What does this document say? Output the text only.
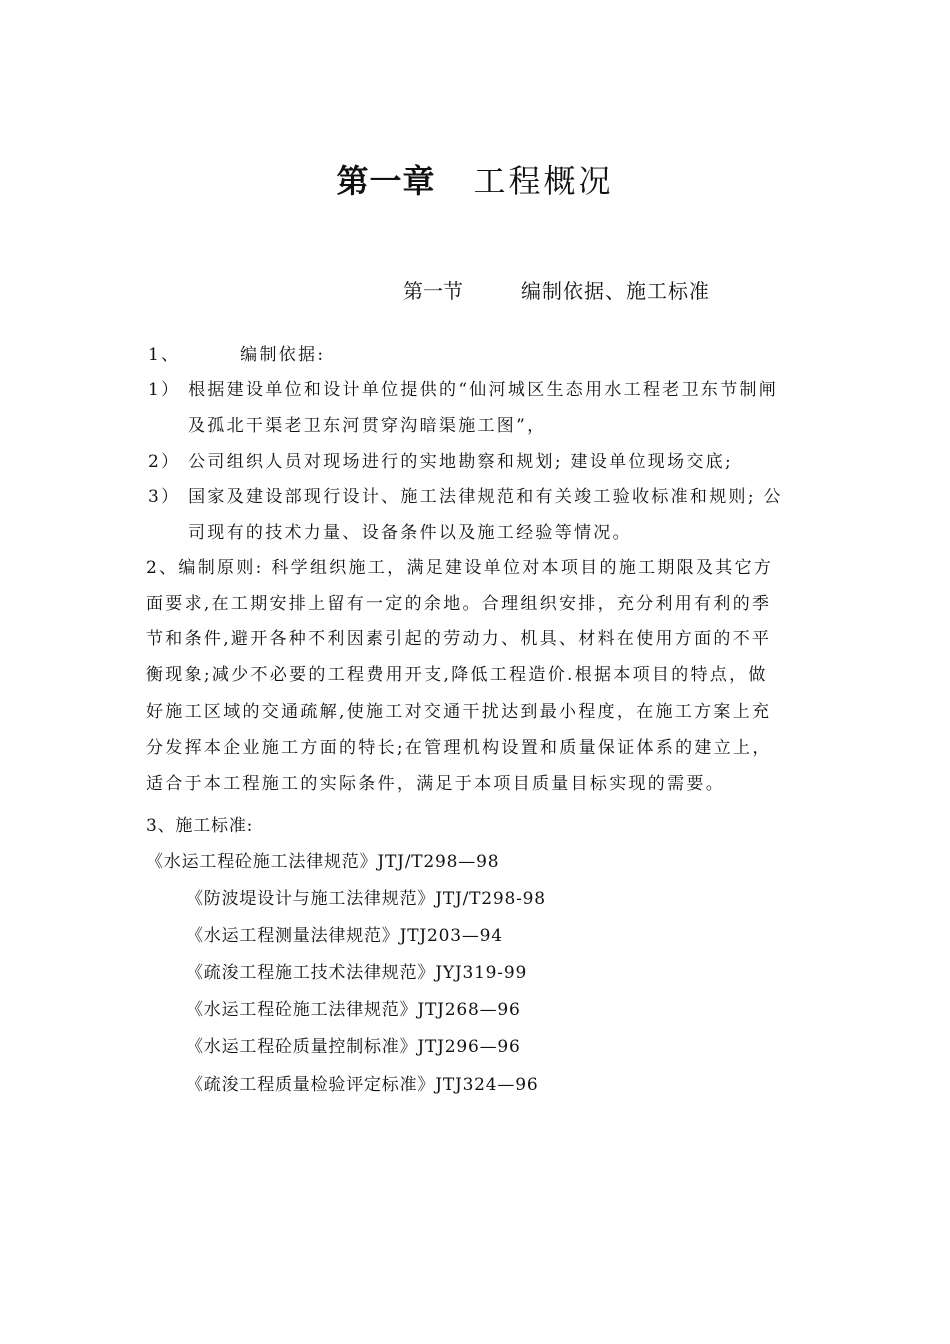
第一章 工程概况
第一节	编制依据、施工标准
1、	编制依据:
1） 根据建设单位和设计单位提供的“仙河城区生态用水工程老卫东节制闸
及孤北干渠老卫东河贯穿沟暗渠施工图”，
2） 公司组织人员对现场进行的实地勘察和规划; 建设单位现场交底;
3） 国家及建设部现行设计、施工法律规范和有关竣工验收标准和规则; 公
司现有的技术力量、设备条件以及施工经验等情况。
2、编制原则: 科学组织施工，满足建设单位对本项目的施工期限及其它方
面要求,在工期安排上留有一定的余地。合理组织安排，充分利用有利的季
节和条件,避开各种不利因素引起的劳动力、机具、材料在使用方面的不平
衡现象;减少不必要的工程费用开支,降低工程造价.根据本项目的特点，做
好施工区域的交通疏解,使施工对交通干扰达到最小程度，在施工方案上充
分发挥本企业施工方面的特长;在管理机构设置和质量保证体系的建立上，
适合于本工程施工的实际条件，满足于本项目质量目标实现的需要。
3、施工标准:
《水运工程砼施工法律规范》JTJ/T298—98
《防波堤设计与施工法律规范》JTJ/T298-98
《水运工程测量法律规范》JTJ203—94
《疏浚工程施工技术法律规范》JYJ319-99
《水运工程砼施工法律规范》JTJ268—96
《水运工程砼质量控制标准》JTJ296—96
《疏浚工程质量检验评定标准》JTJ324—96
